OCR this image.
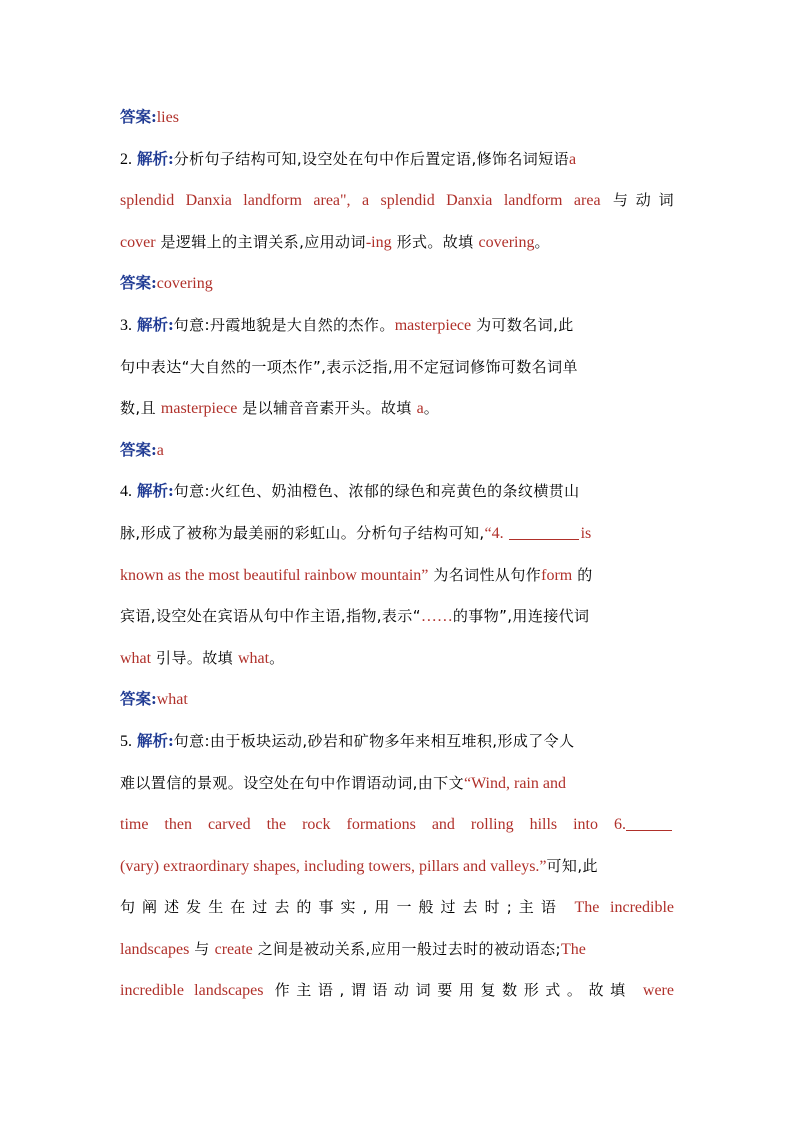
答案:lies
2. 解析:分析句子结构可知,设空处在句中作后置定语,修饰名词短语a
splendid Danxia landform area", a splendid Danxia landform area 与动词
cover 是逻辑上的主谓关系,应用动词-ing 形式。故填 covering。
答案:covering
3. 解析:句意:丹霞地貌是大自然的杰作。masterpiece 为可数名词,此
句中表达“大自然的一项杰作”,表示泛指,用不定冠词修饰可数名词单
数,且 masterpiece 是以辅音音素开头。故填 a。
答案:a
4. 解析:句意:火红色、奶油橙色、浓郁的绿色和亮黄色的条纹横贯山
脉,形成了被称为最美丽的彩虹山。分析句子结构可知,“4.	is
known as the most beautiful rainbow mountain” 为名词性从句作form 的
宾语,设空处在宾语从句中作主语,指物,表示“……的事物”,用连接代词
what 引导。故填 what。
答案:what
5. 解析:句意:由于板块运动,砂岩和矿物多年来相互堆积,形成了令人
难以置信的景观。设空处在句中作谓语动词,由下文“Wind, rain and
time then carved the rock formations and rolling hills into 6.
(vary) extraordinary shapes, including towers, pillars and valleys.”可知,此
句阐述发生在过去的事实,用一般过去时;主语 The incredible
landscapes 与 create 之间是被动关系,应用一般过去时的被动语态;The
incredible landscapes 作主语,谓语动词要用复数形式。故填 were
